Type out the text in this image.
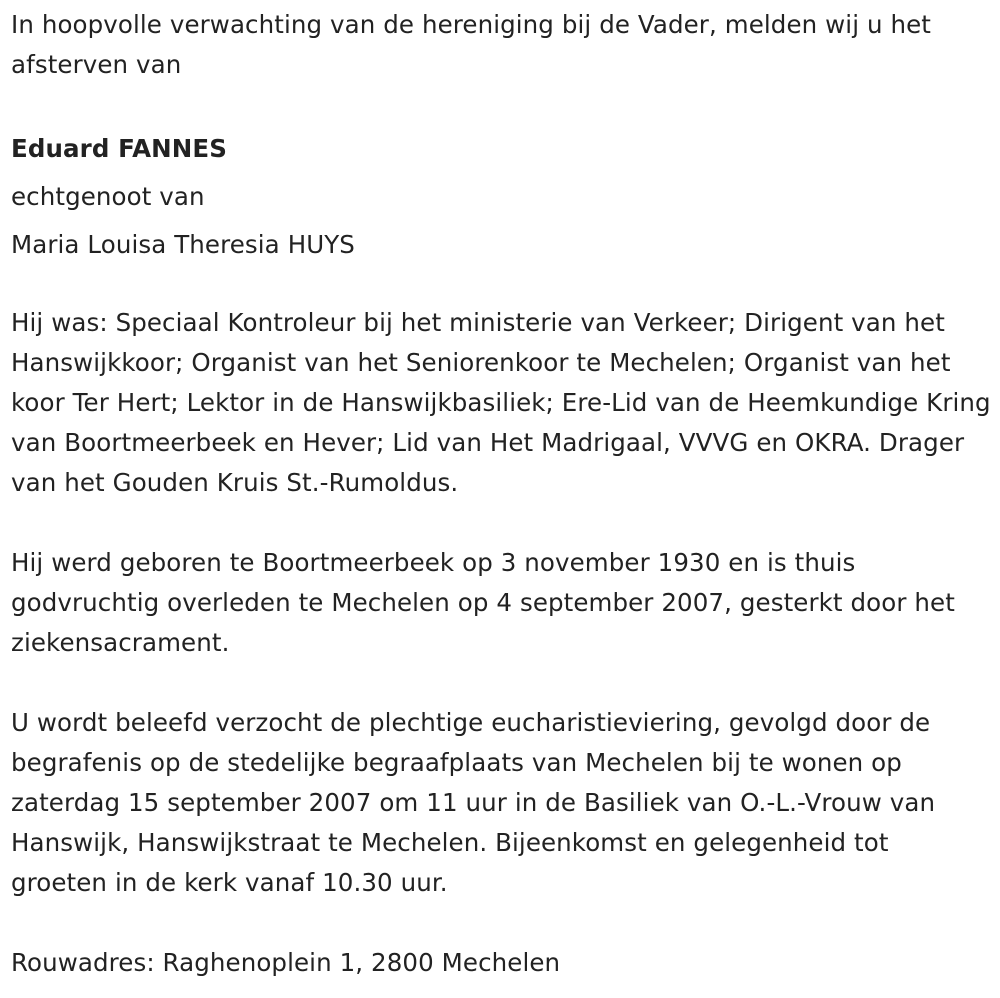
In hoopvolle verwachting van de hereniging bij de Vader, melden wij u het afsterven van

Eduard FANNES

echtgenoot van

Maria Louisa Theresia HUYS

Hij was: Speciaal Kontroleur bij het ministerie van Verkeer; Dirigent van het Hanswijkkoor; Organist van het Seniorenkoor te Mechelen; Organist van het koor Ter Hert; Lektor in de Hanswijkbasiliek; Ere-Lid van de Heemkundige Kring van Boortmeerbeek en Hever; Lid van Het Madrigaal, VVVG en OKRA. Drager van het Gouden Kruis St.-Rumoldus.

Hij werd geboren te Boortmeerbeek op 3 november 1930 en is thuis godvruchtig overleden te Mechelen op 4 september 2007, gesterkt door het ziekensacrament.

U wordt beleefd verzocht de plechtige eucharistieviering, gevolgd door de begrafenis op de stedelijke begraafplaats van Mechelen bij te wonen op zaterdag 15 september 2007 om 11 uur in de Basiliek van O.-L.-Vrouw van Hanswijk, Hanswijkstraat te Mechelen. Bijeenkomst en gelegenheid tot groeten in de kerk vanaf 10.30 uur.

Rouwadres: Raghenoplein 1, 2800 Mechelen
